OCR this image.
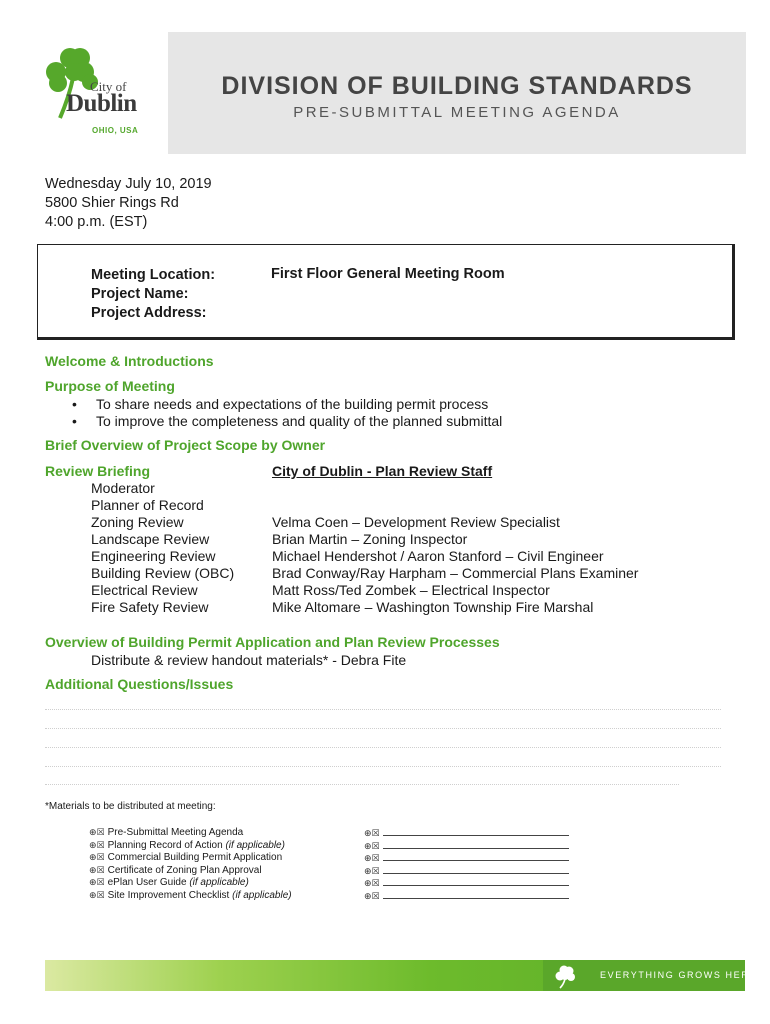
City of
Dublin
OHIO, USA
DIVISION OF BUILDING STANDARDS
PRE-SUBMITTAL MEETING AGENDA
Wednesday July 10, 2019
5800 Shier Rings Rd
4:00 p.m. (EST)
Meeting Location:
Project Name:
Project Address:
First Floor General Meeting Room
Welcome & Introductions
Purpose of Meeting
• To share needs and expectations of the building permit process
• To improve the completeness and quality of the planned submittal
Brief Overview of Project Scope by Owner
Review Briefing	City of Dublin - Plan Review Staff
Moderator
Planner of Record
Zoning Review
Landscape Review
Engineering Review
Building Review (OBC)
Electrical Review
Fire Safety Review
Velma Coen – Development Review Specialist
Brian Martin – Zoning Inspector
Michael Hendershot / Aaron Stanford – Civil Engineer
Brad Conway/Ray Harpham – Commercial Plans Examiner
Matt Ross/Ted Zombek – Electrical Inspector
Mike Altomare – Washington Township Fire Marshal
Overview of Building Permit Application and Plan Review Processes
Distribute & review handout materials* - Debra Fite
Additional Questions/Issues
*Materials to be distributed at meeting:
⊕☒ Pre-Submittal Meeting Agenda
⊕☒ Planning Record of Action (if applicable)
⊕☒ Commercial Building Permit Application
⊕☒ Certificate of Zoning Plan Approval
⊕☒ ePlan User Guide (if applicable)
⊕☒ Site Improvement Checklist (if applicable)
⊕☒
⊕☒
⊕☒
⊕☒
⊕☒
⊕☒
EVERYTHING GROWS HERE.
